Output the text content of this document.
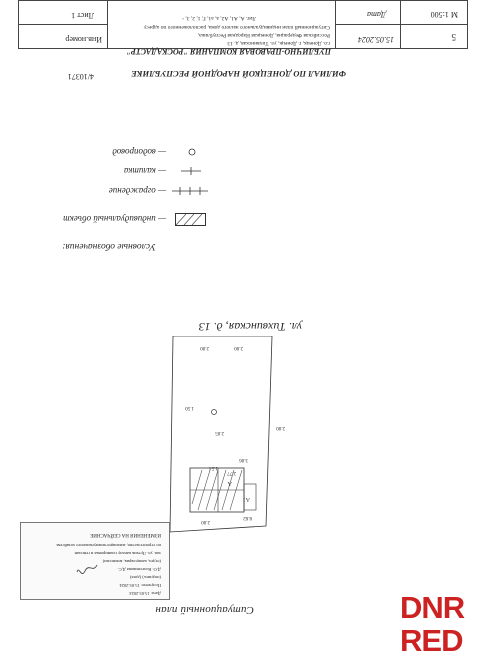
5
15.05.2024
Дата	M 1:500
г.о. Донецк, г. Донецк, ул. Тихвинская, д. 13
Российская Федерация, Донецкая Народная Республика,
Ситуационный план индивидуального жилого дома, расположенного по адресу
Лит. А, А1, А2, а, а1, Г, 1, 2, 3, ◦
ПУБЛИЧНО-ПРАВОВАЯ КОМПАНИЯ "РОСКАДАСТР"
Инв.номер
Лист 1
ФИЛИАЛ ПО ДОНЕЦКОЙ НАРОДНОЙ РЕСПУБЛИКЕ
4/10371
Условные обозначения:
— индивидуальный объект
— ограждение
— калитка
— водопровод
ул. Тихвинская, д. 13
2.00
2.00
1.50
2.00
2.05
3.06
2.77
1.54
2.00
8.62
А
А1
Дата: 15.05.2024
Получено: 15.05.2024
(подпись) (дата)
Д.О. Колесникова Д.С.
(отдел, канцелярия, комиссии)
зап. ул. Лутчик каналу планировка и генплан
по строительство, жилищно-коммунального хозяйства
ИЗМЕНЕНИЯ НА СЕЙЧАСНИЕ
Ситуационный план	DNR
RED
